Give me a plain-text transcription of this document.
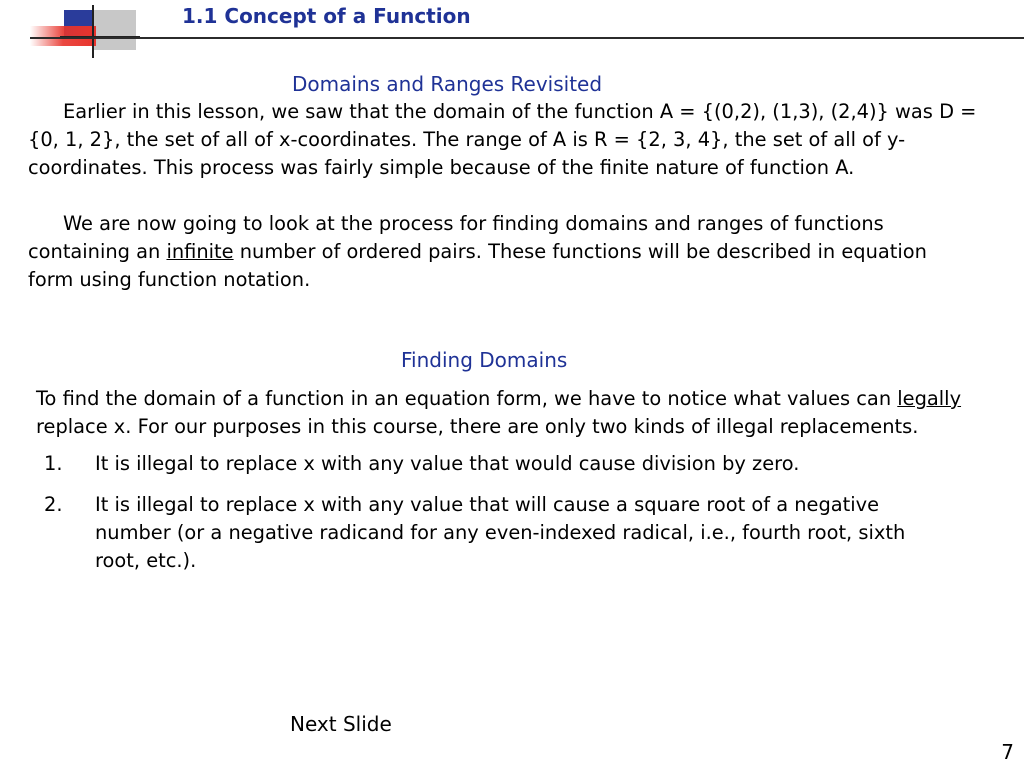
1.1 Concept of a Function
Domains and Ranges Revisited

Earlier in this lesson, we saw that the domain of the function A = {(0,2), (1,3), (2,4)} was D = {0, 1, 2}, the set of all of x-coordinates. The range of A is R = {2, 3, 4}, the set of all of y-coordinates. This process was fairly simple because of the finite nature of function A.

We are now going to look at the process for finding domains and ranges of functions containing an infinite number of ordered pairs. These functions will be described in equation form using function notation.

Finding Domains

To find the domain of a function in an equation form, we have to notice what values can legally replace x. For our purposes in this course, there are only two kinds of illegal replacements.

1. It is illegal to replace x with any value that would cause division by zero.
2. It is illegal to replace x with any value that will cause a square root of a negative number (or a negative radicand for any even-indexed radical, i.e., fourth root, sixth root, etc.).
Next Slide
7
